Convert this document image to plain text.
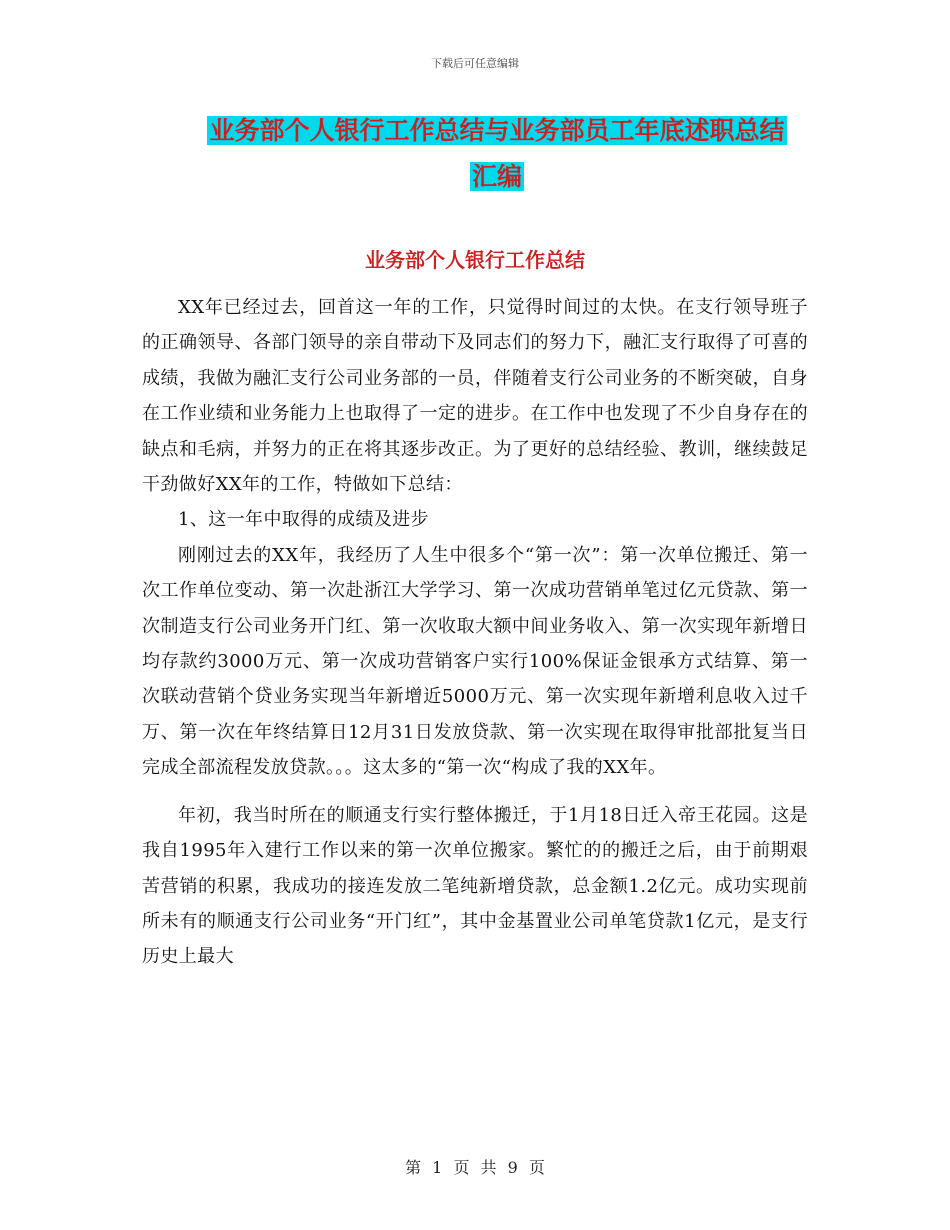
下载后可任意编辑
业务部个人银行工作总结与业务部员工年底述职总结
汇编
业务部个人银行工作总结

XX年已经过去，回首这一年的工作，只觉得时间过的太快。在支行领导班子的正确领导、各部门领导的亲自带动下及同志们的努力下，融汇支行取得了可喜的成绩，我做为融汇支行公司业务部的一员，伴随着支行公司业务的不断突破，自身在工作业绩和业务能力上也取得了一定的进步。在工作中也发现了不少自身存在的缺点和毛病，并努力的正在将其逐步改正。为了更好的总结经验、教训，继续鼓足干劲做好XX年的工作，特做如下总结：

1、这一年中取得的成绩及进步

刚刚过去的XX年，我经历了人生中很多个“第一次”：第一次单位搬迁、第一次工作单位变动、第一次赴浙江大学学习、第一次成功营销单笔过亿元贷款、第一次制造支行公司业务开门红、第一次收取大额中间业务收入、第一次实现年新增日均存款约3000万元、第一次成功营销客户实行100%保证金银承方式结算、第一次联动营销个贷业务实现当年新增近5000万元、第一次实现年新增利息收入过千万、第一次在年终结算日12月31日发放贷款、第一次实现在取得审批部批复当日完成全部流程发放贷款。。。这太多的“第一次“构成了我的XX年。

年初，我当时所在的顺通支行实行整体搬迁，于1月18日迁入帝王花园。这是我自1995年入建行工作以来的第一次单位搬家。繁忙的的搬迁之后，由于前期艰苦营销的积累，我成功的接连发放二笔纯新增贷款，总金额1.2亿元。成功实现前所未有的顺通支行公司业务“开门红”，其中金基置业公司单笔贷款1亿元，是支行历史上最大

第 1 页 共 9 页
